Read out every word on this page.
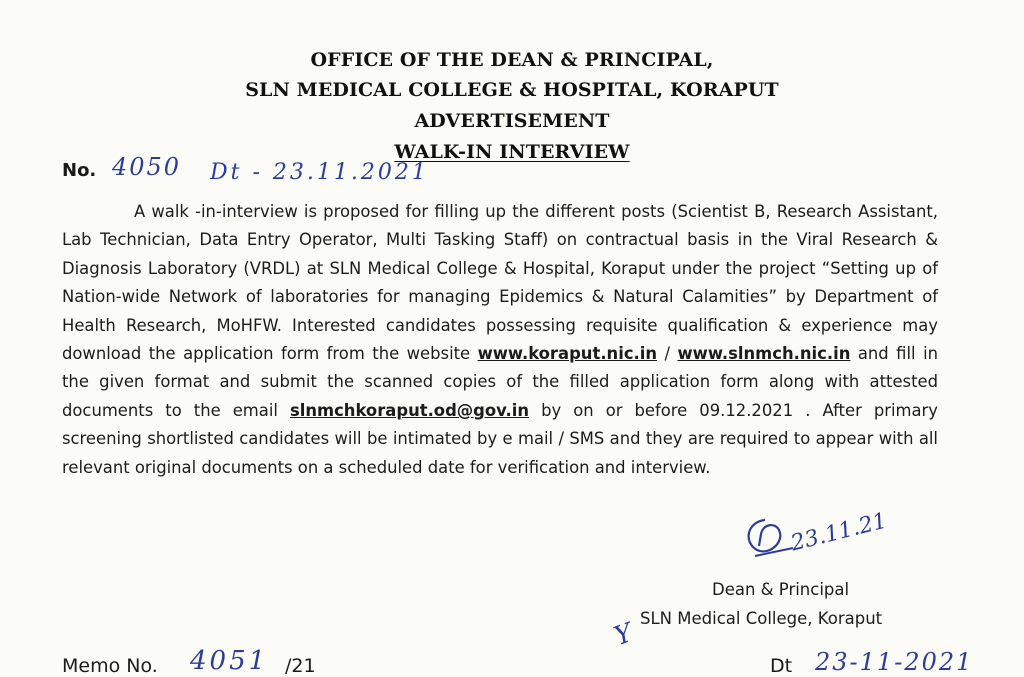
OFFICE OF THE DEAN & PRINCIPAL,
SLN MEDICAL COLLEGE & HOSPITAL, KORAPUT
ADVERTISEMENT
WALK-IN INTERVIEW
No. 4050 Dt - 23.11.2021

A walk -in-interview is proposed for filling up the different posts (Scientist B, Research Assistant, Lab Technician, Data Entry Operator, Multi Tasking Staff) on contractual basis in the Viral Research & Diagnosis Laboratory (VRDL) at SLN Medical College & Hospital, Koraput under the project “Setting up of Nation-wide Network of laboratories for managing Epidemics & Natural Calamities” by Department of Health Research, MoHFW. Interested candidates possessing requisite qualification & experience may download the application form from the website www.koraput.nic.in / www.slnmch.nic.in and fill in the given format and submit the scanned copies of the filled application form along with attested documents to the email slnmchkoraput.od@gov.in by on or before 09.12.2021 . After primary screening shortlisted candidates will be intimated by e mail / SMS and they are required to appear with all relevant original documents on a scheduled date for verification and interview.

23.11.21
Dean & Principal
SLN Medical College, Koraput
Y
Memo No. 4051 /21	Dt 23-11-2021
